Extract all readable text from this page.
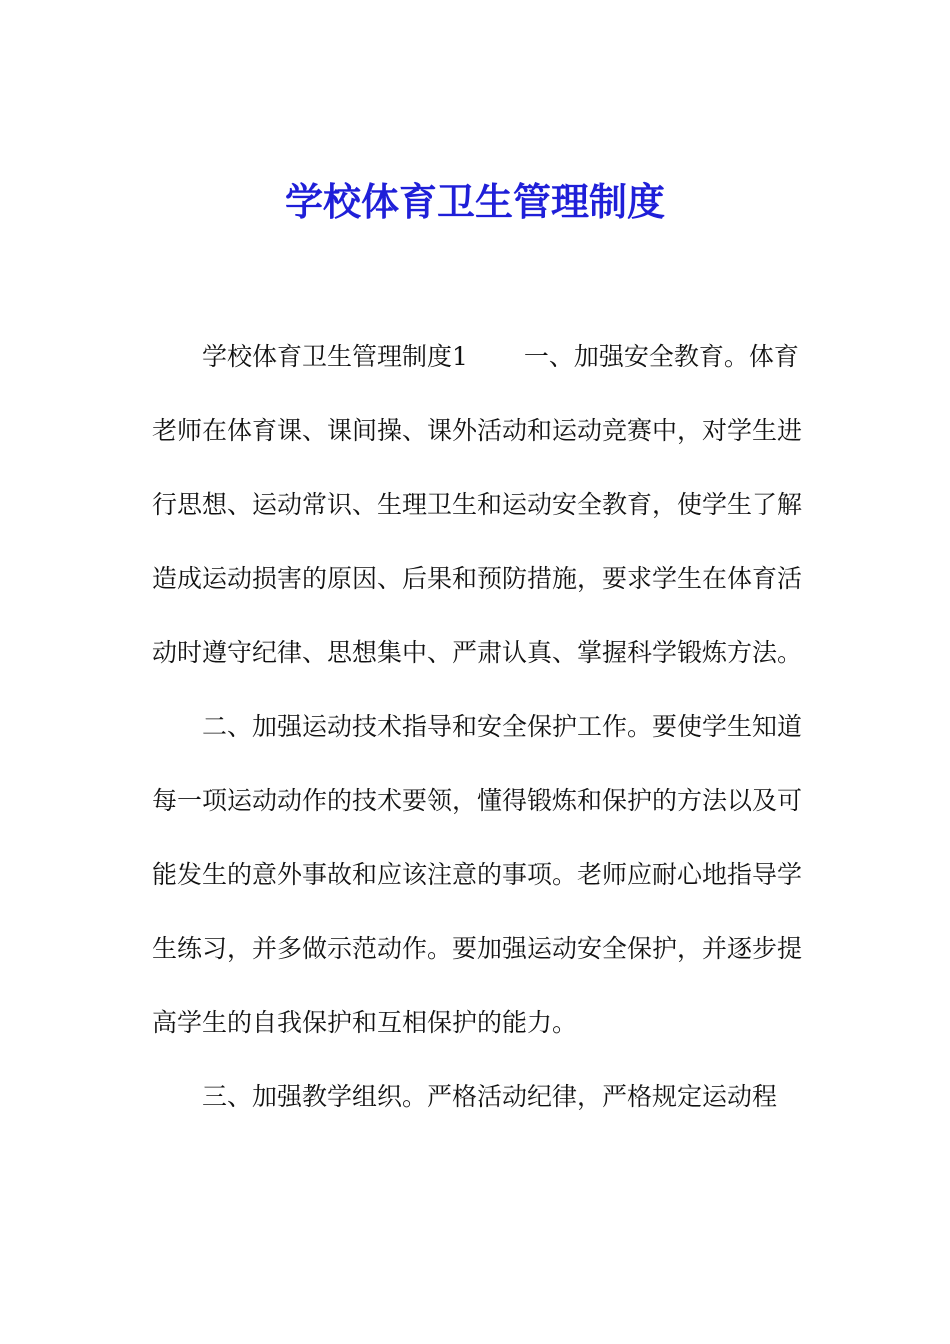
学校体育卫生管理制度

学校体育卫生管理制度1 一、加强安全教育。体育老师在体育课、课间操、课外活动和运动竞赛中，对学生进行思想、运动常识、生理卫生和运动安全教育，使学生了解造成运动损害的原因、后果和预防措施，要求学生在体育活动时遵守纪律、思想集中、严肃认真、掌握科学锻炼方法。

二、加强运动技术指导和安全保护工作。要使学生知道每一项运动动作的技术要领，懂得锻炼和保护的方法以及可能发生的意外事故和应该注意的事项。老师应耐心地指导学生练习，并多做示范动作。要加强运动安全保护，并逐步提高学生的自我保护和互相保护的能力。

三、加强教学组织。严格活动纪律，严格规定运动程
